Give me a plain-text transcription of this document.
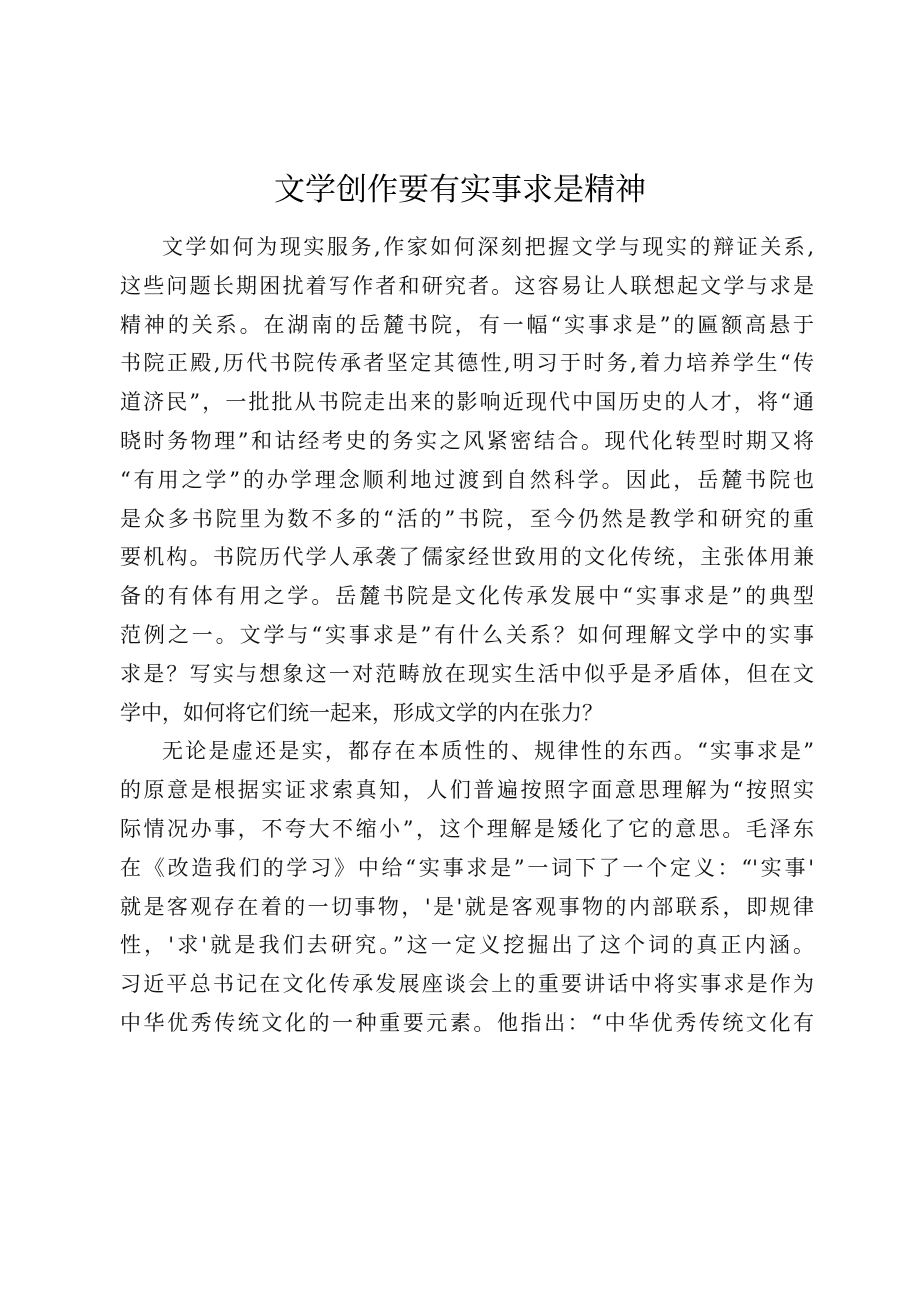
文学创作要有实事求是精神
文学如何为现实服务,作家如何深刻把握文学与现实的辩证关系,
这些问题长期困扰着写作者和研究者。这容易让人联想起文学与求是
精神的关系。在湖南的岳麓书院，有一幅“实事求是”的匾额高悬于
书院正殿,历代书院传承者坚定其德性,明习于时务,着力培养学生“传
道济民”，一批批从书院走出来的影响近现代中国历史的人才，将“通
晓时务物理”和诂经考史的务实之风紧密结合。现代化转型时期又将
“有用之学”的办学理念顺利地过渡到自然科学。因此，岳麓书院也
是众多书院里为数不多的“活的”书院，至今仍然是教学和研究的重
要机构。书院历代学人承袭了儒家经世致用的文化传统，主张体用兼
备的有体有用之学。岳麓书院是文化传承发展中“实事求是”的典型
范例之一。文学与“实事求是”有什么关系？如何理解文学中的实事
求是？写实与想象这一对范畴放在现实生活中似乎是矛盾体，但在文
学中，如何将它们统一起来，形成文学的内在张力？
无论是虚还是实，都存在本质性的、规律性的东西。“实事求是”
的原意是根据实证求索真知，人们普遍按照字面意思理解为“按照实
际情况办事，不夸大不缩小”，这个理解是矮化了它的意思。毛泽东
在《改造我们的学习》中给“实事求是”一词下了一个定义：“'实事'
就是客观存在着的一切事物，'是'就是客观事物的内部联系，即规律
性，'求'就是我们去研究。”这一定义挖掘出了这个词的真正内涵。
习近平总书记在文化传承发展座谈会上的重要讲话中将实事求是作为
中华优秀传统文化的一种重要元素。他指出：“中华优秀传统文化有
